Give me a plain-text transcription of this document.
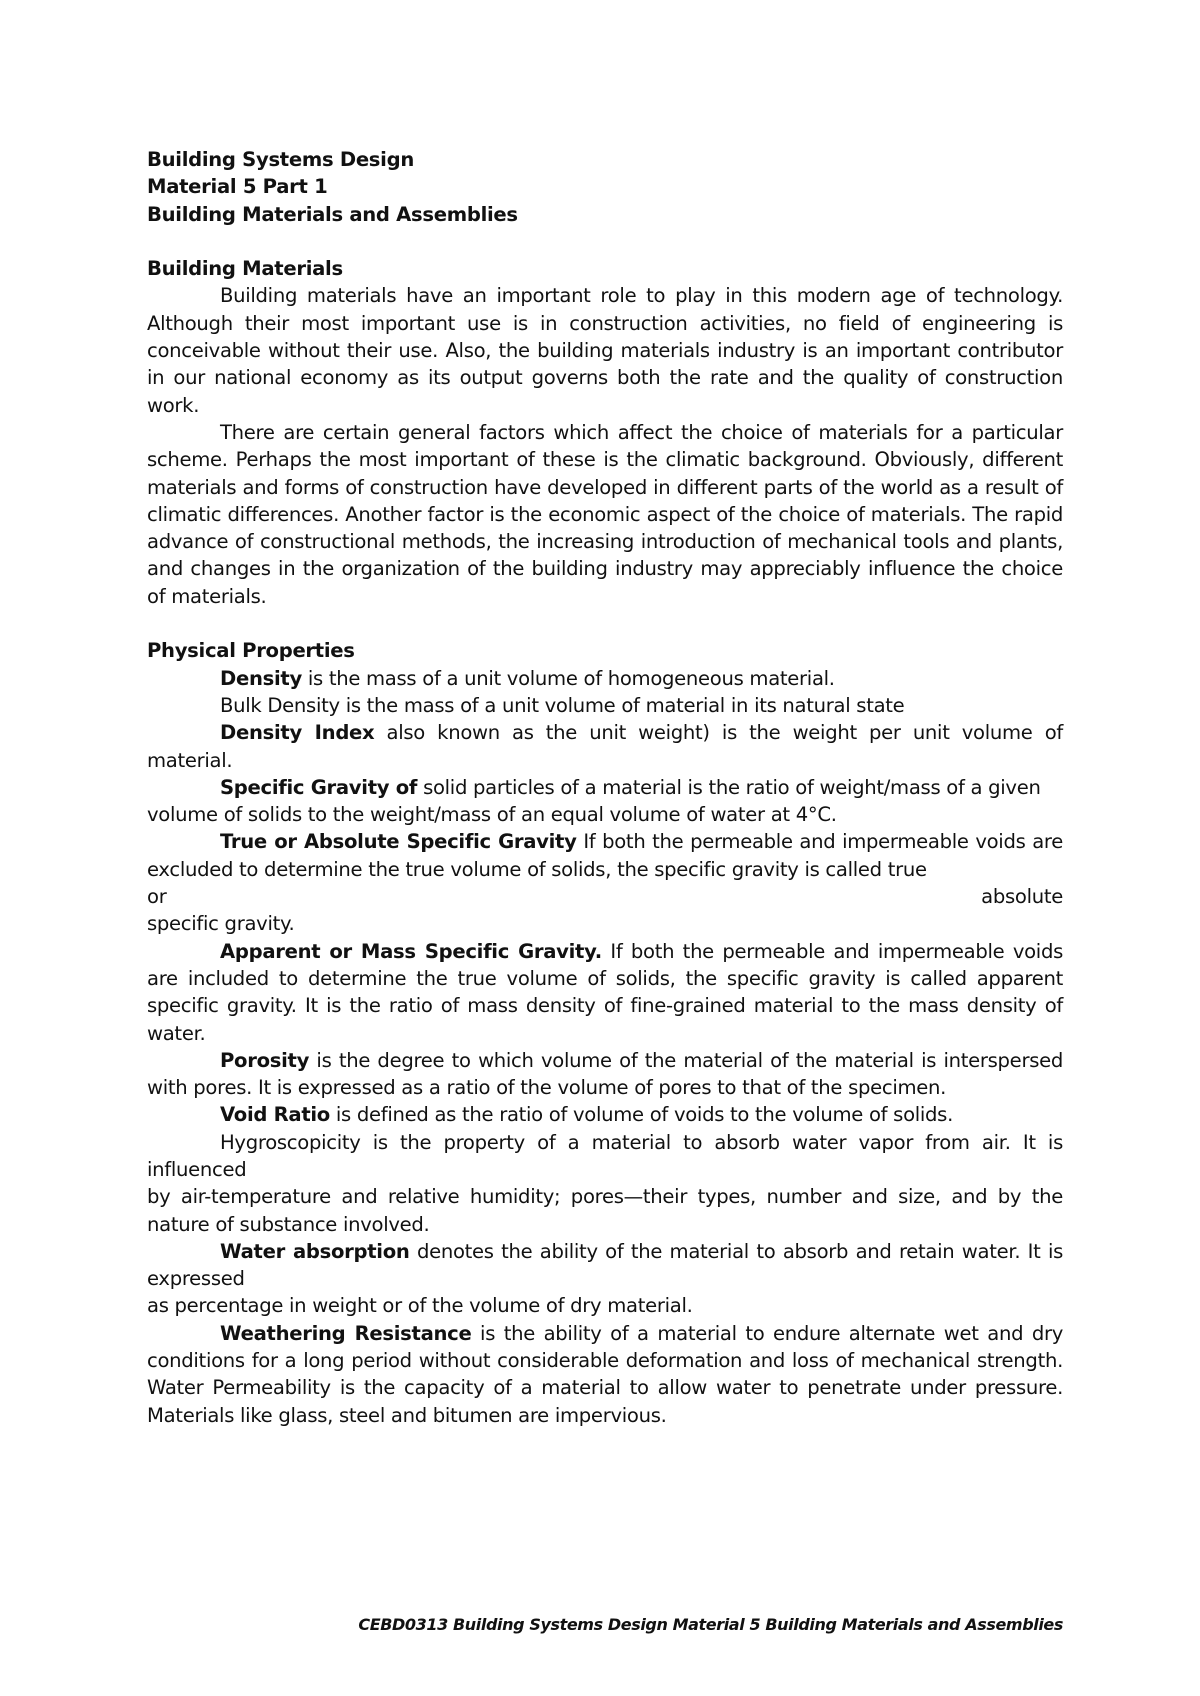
Building Systems Design

Material 5 Part 1

Building Materials and Assemblies

Building Materials

Building materials have an important role to play in this modern age of technology. Although their most important use is in construction activities, no field of engineering is conceivable without their use. Also, the building materials industry is an important contributor in our national economy as its output governs both the rate and the quality of construction work.

There are certain general factors which affect the choice of materials for a particular scheme. Perhaps the most important of these is the climatic background. Obviously, different materials and forms of construction have developed in different parts of the world as a result of climatic differences. Another factor is the economic aspect of the choice of materials. The rapid advance of constructional methods, the increasing introduction of mechanical tools and plants, and changes in the organization of the building industry may appreciably influence the choice of materials.

Physical Properties

Density is the mass of a unit volume of homogeneous material.

Bulk Density is the mass of a unit volume of material in its natural state

Density Index also known as the unit weight) is the weight per unit volume of material.

Specific Gravity of solid particles of a material is the ratio of weight/mass of a given

volume of solids to the weight/mass of an equal volume of water at 4°C.

True or Absolute Specific Gravity If both the permeable and impermeable voids are excluded to determine the true volume of solids, the specific gravity is called true

or	absolute

specific gravity.

Apparent or Mass Specific Gravity. If both the permeable and impermeable voids are included to determine the true volume of solids, the specific gravity is called apparent specific gravity. It is the ratio of mass density of fine-grained material to the mass density of water.

Porosity is the degree to which volume of the material of the material is interspersed with pores. It is expressed as a ratio of the volume of pores to that of the specimen.

Void Ratio is defined as the ratio of volume of voids to the volume of solids.

Hygroscopicity is the property of a material to absorb water vapor from air. It is influenced

by air-temperature and relative humidity; pores—their types, number and size, and by the nature of substance involved.

Water absorption denotes the ability of the material to absorb and retain water. It is expressed

as percentage in weight or of the volume of dry material.

Weathering Resistance is the ability of a material to endure alternate wet and dry conditions for a long period without considerable deformation and loss of mechanical strength. Water Permeability is the capacity of a material to allow water to penetrate under pressure. Materials like glass, steel and bitumen are impervious.

CEBD0313 Building Systems Design Material 5 Building Materials and Assemblies
